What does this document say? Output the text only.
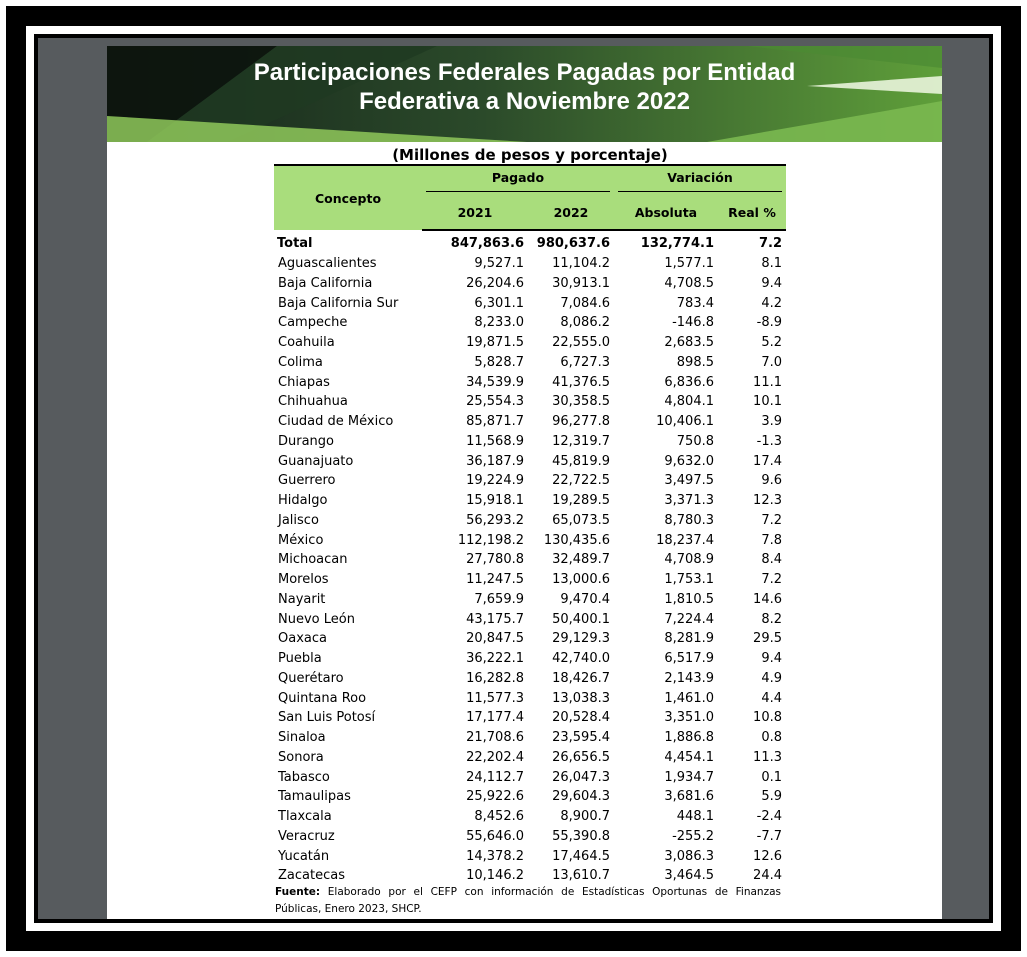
Participaciones Federales Pagadas por Entidad
Federativa a Noviembre 2022
(Millones de pesos y porcentaje)
Concepto	Pagado		Variación	

	2021	2022	Absoluta	Real %
Total	847,863.6	980,637.6	132,774.1	7.2
Aguascalientes	9,527.1	11,104.2	1,577.1	8.1
Baja California	26,204.6	30,913.1	4,708.5	9.4
Baja California Sur	6,301.1	7,084.6	783.4	4.2
Campeche	8,233.0	8,086.2	-146.8	-8.9
Coahuila	19,871.5	22,555.0	2,683.5	5.2
Colima	5,828.7	6,727.3	898.5	7.0
Chiapas	34,539.9	41,376.5	6,836.6	11.1
Chihuahua	25,554.3	30,358.5	4,804.1	10.1
Ciudad de México	85,871.7	96,277.8	10,406.1	3.9
Durango	11,568.9	12,319.7	750.8	-1.3
Guanajuato	36,187.9	45,819.9	9,632.0	17.4
Guerrero	19,224.9	22,722.5	3,497.5	9.6
Hidalgo	15,918.1	19,289.5	3,371.3	12.3
Jalisco	56,293.2	65,073.5	8,780.3	7.2
México	112,198.2	130,435.6	18,237.4	7.8
Michoacan	27,780.8	32,489.7	4,708.9	8.4
Morelos	11,247.5	13,000.6	1,753.1	7.2
Nayarit	7,659.9	9,470.4	1,810.5	14.6
Nuevo León	43,175.7	50,400.1	7,224.4	8.2
Oaxaca	20,847.5	29,129.3	8,281.9	29.5
Puebla	36,222.1	42,740.0	6,517.9	9.4
Querétaro	16,282.8	18,426.7	2,143.9	4.9
Quintana Roo	11,577.3	13,038.3	1,461.0	4.4
San Luis Potosí	17,177.4	20,528.4	3,351.0	10.8
Sinaloa	21,708.6	23,595.4	1,886.8	0.8
Sonora	22,202.4	26,656.5	4,454.1	11.3
Tabasco	24,112.7	26,047.3	1,934.7	0.1
Tamaulipas	25,922.6	29,604.3	3,681.6	5.9
Tlaxcala	8,452.6	8,900.7	448.1	-2.4
Veracruz	55,646.0	55,390.8	-255.2	-7.7
Yucatán	14,378.2	17,464.5	3,086.3	12.6
Zacatecas	10,146.2	13,610.7	3,464.5	24.4
Fuente: Elaborado por el CEFP con información de Estadísticas Oportunas de Finanzas Públicas, Enero 2023, SHCP.
